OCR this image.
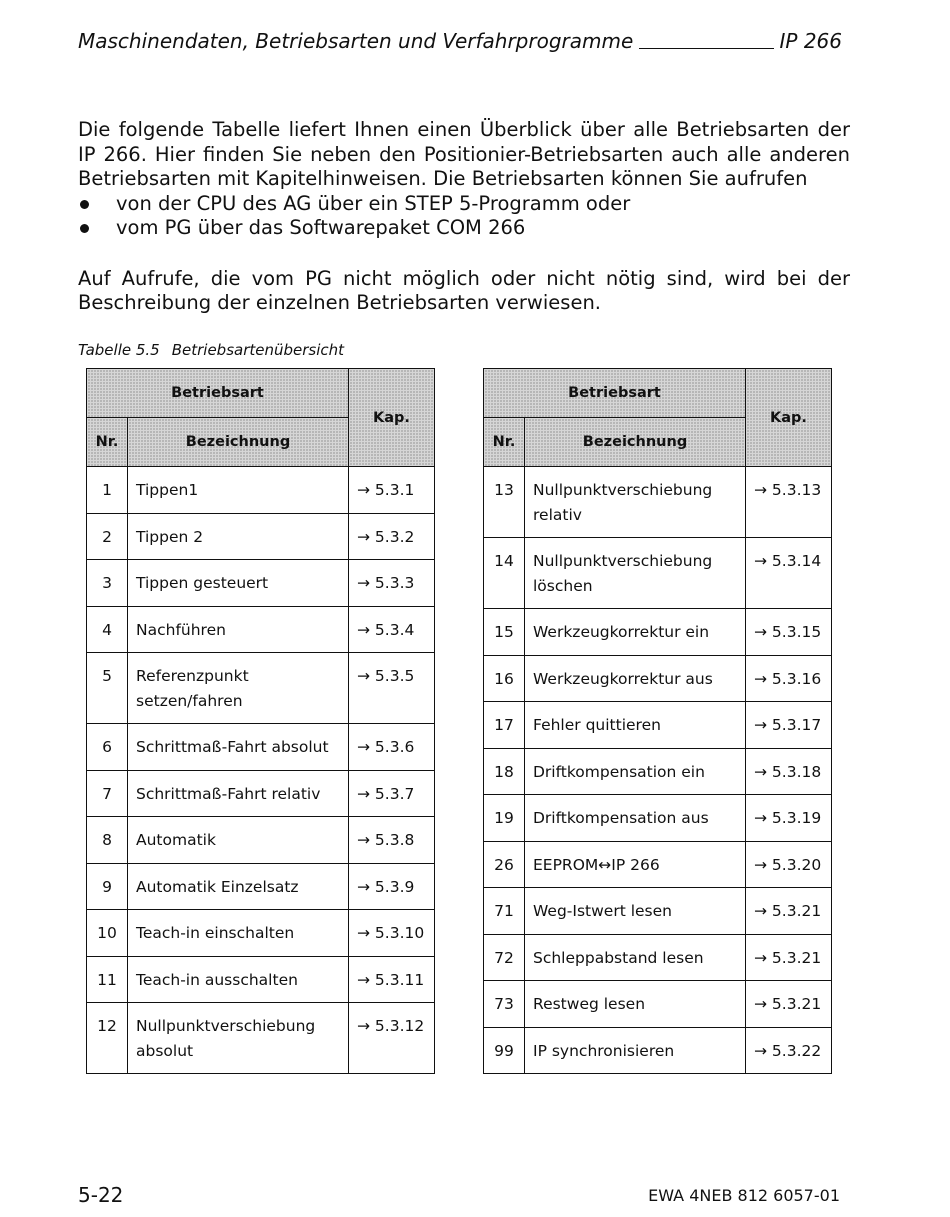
Maschinendaten, Betriebsarten und Verfahrprogramme	IP 266

Die folgende Tabelle liefert Ihnen einen Überblick über alle Betriebsarten der IP 266. Hier finden Sie neben den Positionier-Betriebsarten auch alle anderen Betriebsarten mit Kapitelhinweisen. Die Betriebsarten können Sie aufrufen

von der CPU des AG über ein STEP 5-Programm oder
vom PG über das Softwarepaket COM 266

Auf Aufrufe, die vom PG nicht möglich oder nicht nötig sind, wird bei der Beschreibung der einzelnen Betriebsarten verwiesen.

Tabelle 5.5 Betriebsartenübersicht
Betriebsart		Kap.
Nr.	Bezeichnung	
1	Tippen1	→ 5.3.1
2	Tippen 2	→ 5.3.2
3	Tippen gesteuert	→ 5.3.3
4	Nachführen	→ 5.3.4
5	Referenzpunkt setzen/fahren	→ 5.3.5
6	Schrittmaß-Fahrt absolut	→ 5.3.6
7	Schrittmaß-Fahrt relativ	→ 5.3.7
8	Automatik	→ 5.3.8
9	Automatik Einzelsatz	→ 5.3.9
10	Teach-in einschalten	→ 5.3.10
11	Teach-in ausschalten	→ 5.3.11
12	Nullpunktverschiebung absolut	→ 5.3.12
Betriebsart		Kap.
Nr.	Bezeichnung	
13	Nullpunktverschiebung relativ	→ 5.3.13
14	Nullpunktverschiebung löschen	→ 5.3.14
15	Werkzeugkorrektur ein	→ 5.3.15
16	Werkzeugkorrektur aus	→ 5.3.16
17	Fehler quittieren	→ 5.3.17
18	Driftkompensation ein	→ 5.3.18
19	Driftkompensation aus	→ 5.3.19
26	EEPROM↔IP 266	→ 5.3.20
71	Weg-Istwert lesen	→ 5.3.21
72	Schleppabstand lesen	→ 5.3.21
73	Restweg lesen	→ 5.3.21
99	IP synchronisieren	→ 5.3.22
5-22	EWA 4NEB 812 6057-01
